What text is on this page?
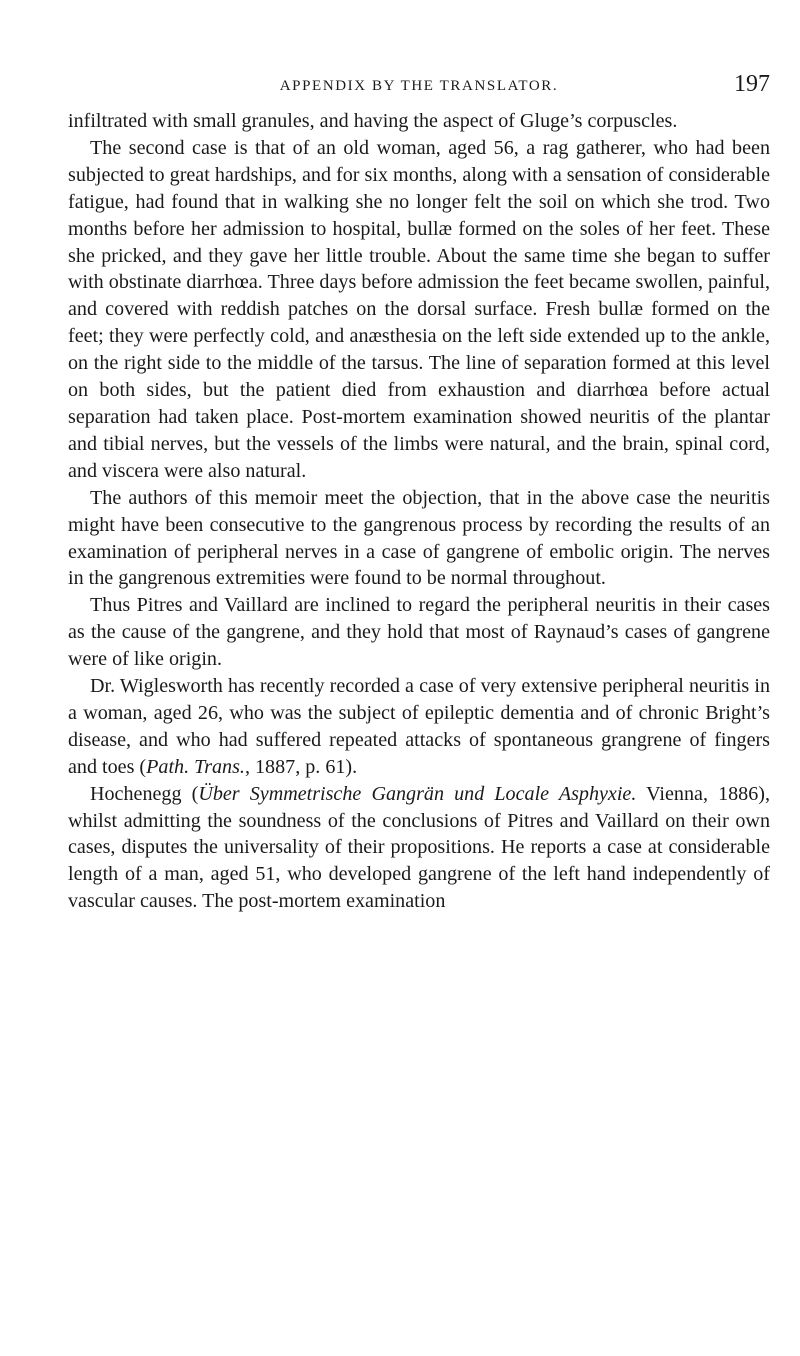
APPENDIX BY THE TRANSLATOR.	197

infiltrated with small granules, and having the aspect of Gluge’s corpuscles.

The second case is that of an old woman, aged 56, a rag gatherer, who had been subjected to great hardships, and for six months, along with a sensation of considerable fatigue, had found that in walking she no longer felt the soil on which she trod. Two months before her admission to hospital, bullæ formed on the soles of her feet. These she pricked, and they gave her little trouble. About the same time she began to suffer with obstinate diarrhœa. Three days before admission the feet became swollen, painful, and covered with reddish patches on the dorsal surface. Fresh bullæ formed on the feet; they were perfectly cold, and anæsthesia on the left side extended up to the ankle, on the right side to the middle of the tarsus. The line of separation formed at this level on both sides, but the patient died from exhaustion and diarrhœa before actual separation had taken place. Post-mortem examination showed neuritis of the plantar and tibial nerves, but the vessels of the limbs were natural, and the brain, spinal cord, and viscera were also natural.

The authors of this memoir meet the objection, that in the above case the neuritis might have been consecutive to the gangrenous process by recording the results of an examination of peripheral nerves in a case of gangrene of embolic origin. The nerves in the gangrenous extremities were found to be normal throughout.

Thus Pitres and Vaillard are inclined to regard the peripheral neuritis in their cases as the cause of the gangrene, and they hold that most of Raynaud’s cases of gangrene were of like origin.

Dr. Wiglesworth has recently recorded a case of very extensive peripheral neuritis in a woman, aged 26, who was the subject of epileptic dementia and of chronic Bright’s disease, and who had suffered repeated attacks of spontaneous grangrene of fingers and toes (Path. Trans., 1887, p. 61).

Hochenegg (Über Symmetrische Gangrän und Locale Asphyxie. Vienna, 1886), whilst admitting the soundness of the conclusions of Pitres and Vaillard on their own cases, disputes the universality of their propositions. He reports a case at considerable length of a man, aged 51, who developed gangrene of the left hand independently of vascular causes. The post-mortem examination
